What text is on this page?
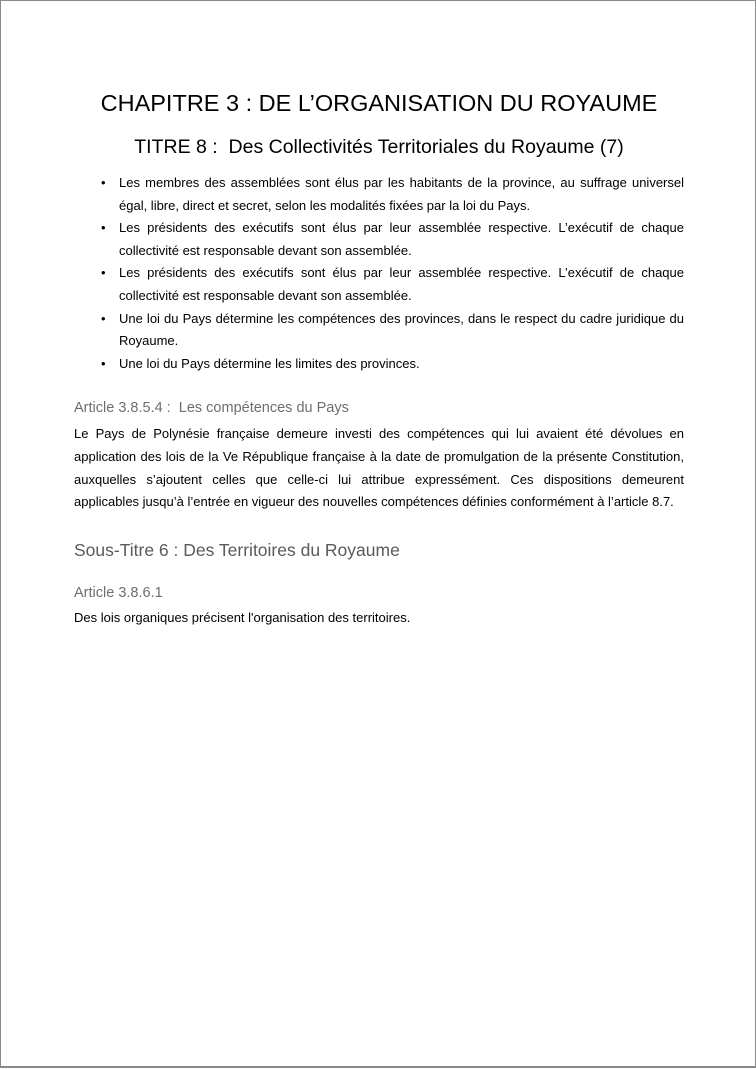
CHAPITRE 3 : DE L’ORGANISATION DU ROYAUME
TITRE 8 :  Des Collectivités Territoriales du Royaume (7)
• Les membres des assemblées sont élus par les habitants de la province, au suffrage universel égal, libre, direct et secret, selon les modalités fixées par la loi du Pays.
• Les présidents des exécutifs sont élus par leur assemblée respective. L’exécutif de chaque collectivité est responsable devant son assemblée.
• Les présidents des exécutifs sont élus par leur assemblée respective. L’exécutif de chaque collectivité est responsable devant son assemblée.
• Une loi du Pays détermine les compétences des provinces, dans le respect du cadre juridique du Royaume.
• Une loi du Pays détermine les limites des provinces.
Article 3.8.5.4 :  Les compétences du Pays

Le Pays de Polynésie française demeure investi des compétences qui lui avaient été dévolues en application des lois de la Ve République française à la date de promulgation de la présente Constitution, auxquelles s’ajoutent celles que celle-ci lui attribue expressément. Ces dispositions demeurent applicables jusqu’à l’entrée en vigueur des nouvelles compétences définies conformément à l’article 8.7.

Sous-Titre 6 : Des Territoires du Royaume
Article 3.8.6.1

Des lois organiques précisent l'organisation des territoires.
